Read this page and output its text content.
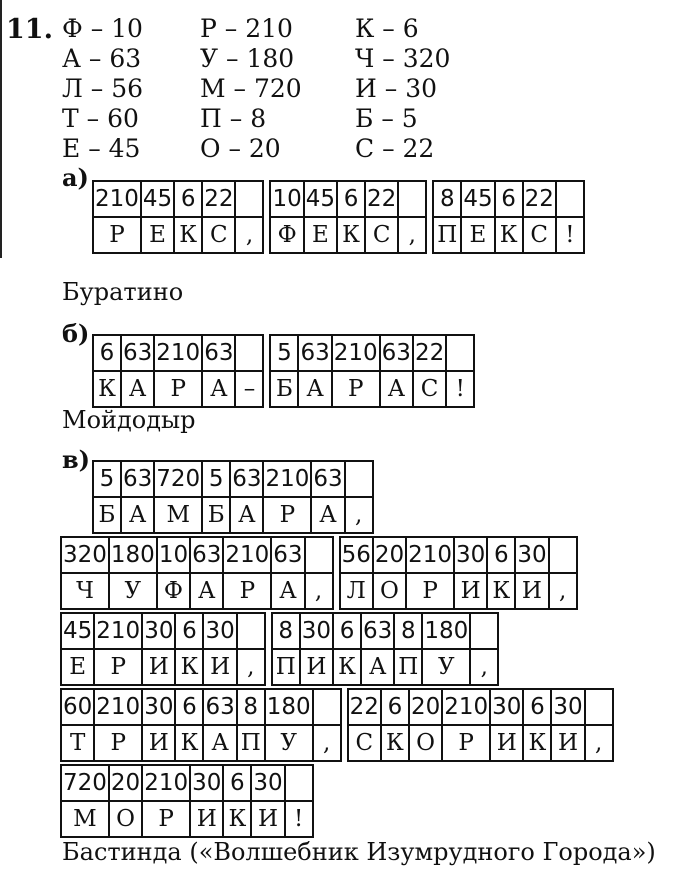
11. Ф – 10
А – 63
Л – 56
Т – 60
Е – 45
Р – 210
У – 180
М – 720
П – 8
О – 20
К – 6
Ч – 320
И – 30
Б – 5
С – 22
а)
210
Р
45
Е
6
К
22
С ,
10
Ф
45
Е
6
К
22
С ,
8
П
45
Е
6
К
22
С !
Буратино
б)
6
К
63
А
210
Р
63
А –
5
Б
63
А
210
Р
63
А
22
С !
Мойдодыр
в)
5
Б
63
А
720
М
5
Б
63
А
210
Р
63
А ,
320
Ч
180
У
10
Ф
63
А
210
Р
63
А ,
56
Л
20
О
210
Р
30
И
6
К
30
И ,
45
Е
210
Р
30
И
6
К
30
И ,
8
П
30
И
6
К
63
А
8
П
180
У	,
60
Т
210
Р
30
И
6
К
63
А
8
П
180
У	,
22
С
6
К
20
О
210
Р
30
И
6
К
30
И ,
720
М
20
О
210
Р
30
И
6
К
30
И !
Бастинда («Волшебник Изумрудного Города»)
